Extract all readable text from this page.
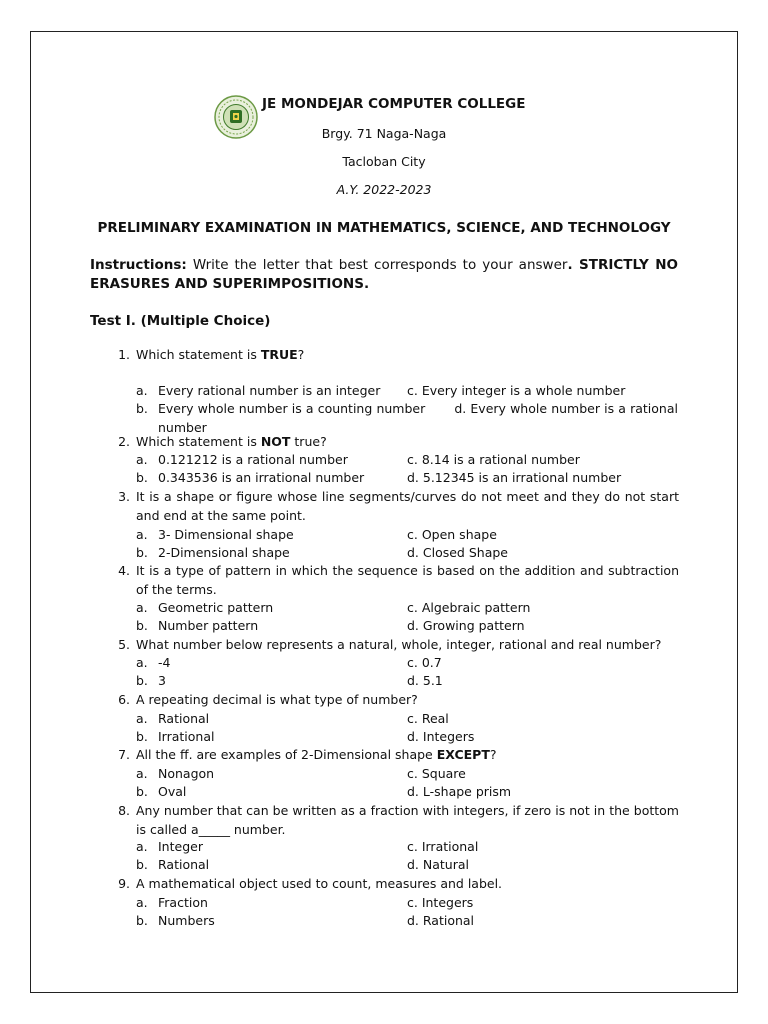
JE MONDEJAR COMPUTER COLLEGE
Brgy. 71 Naga-Naga
Tacloban City
A.Y. 2022-2023
PRELIMINARY EXAMINATION IN MATHEMATICS, SCIENCE, AND TECHNOLOGY
Instructions: Write the letter that best corresponds to your answer. STRICTLY NO ERASURES AND SUPERIMPOSITIONS.
Test I. (Multiple Choice)
1. Which statement is TRUE?
a. Every rational number is an integer c. Every integer is a whole number
b. Every whole number is a counting number d. Every whole number is a rational number
2. Which statement is NOT true?
a. 0.121212 is a rational number	c. 8.14 is a rational number
b. 0.343536 is an irrational number	d. 5.12345 is an irrational number
3. It is a shape or figure whose line segments/curves do not meet and they do not start and end at the same point.
a. 3- Dimensional shape	c. Open shape
b. 2-Dimensional shape	d. Closed Shape
4. It is a type of pattern in which the sequence is based on the addition and subtraction of the terms.
a. Geometric pattern	c. Algebraic pattern
b. Number pattern	d. Growing pattern
5. What number below represents a natural, whole, integer, rational and real number?
a. -4	c. 0.7
b. 3	d. 5.1
6. A repeating decimal is what type of number?
a. Rational	c. Real
b. Irrational	d. Integers
7. All the ff. are examples of 2-Dimensional shape EXCEPT?
a. Nonagon	c. Square
b. Oval	d. L-shape prism
8. Any number that can be written as a fraction with integers, if zero is not in the bottom is called a_____ number.
a. Integer	c. Irrational
b. Rational	d. Natural
9. A mathematical object used to count, measures and label.
a. Fraction	c. Integers
b. Numbers	d. Rational
